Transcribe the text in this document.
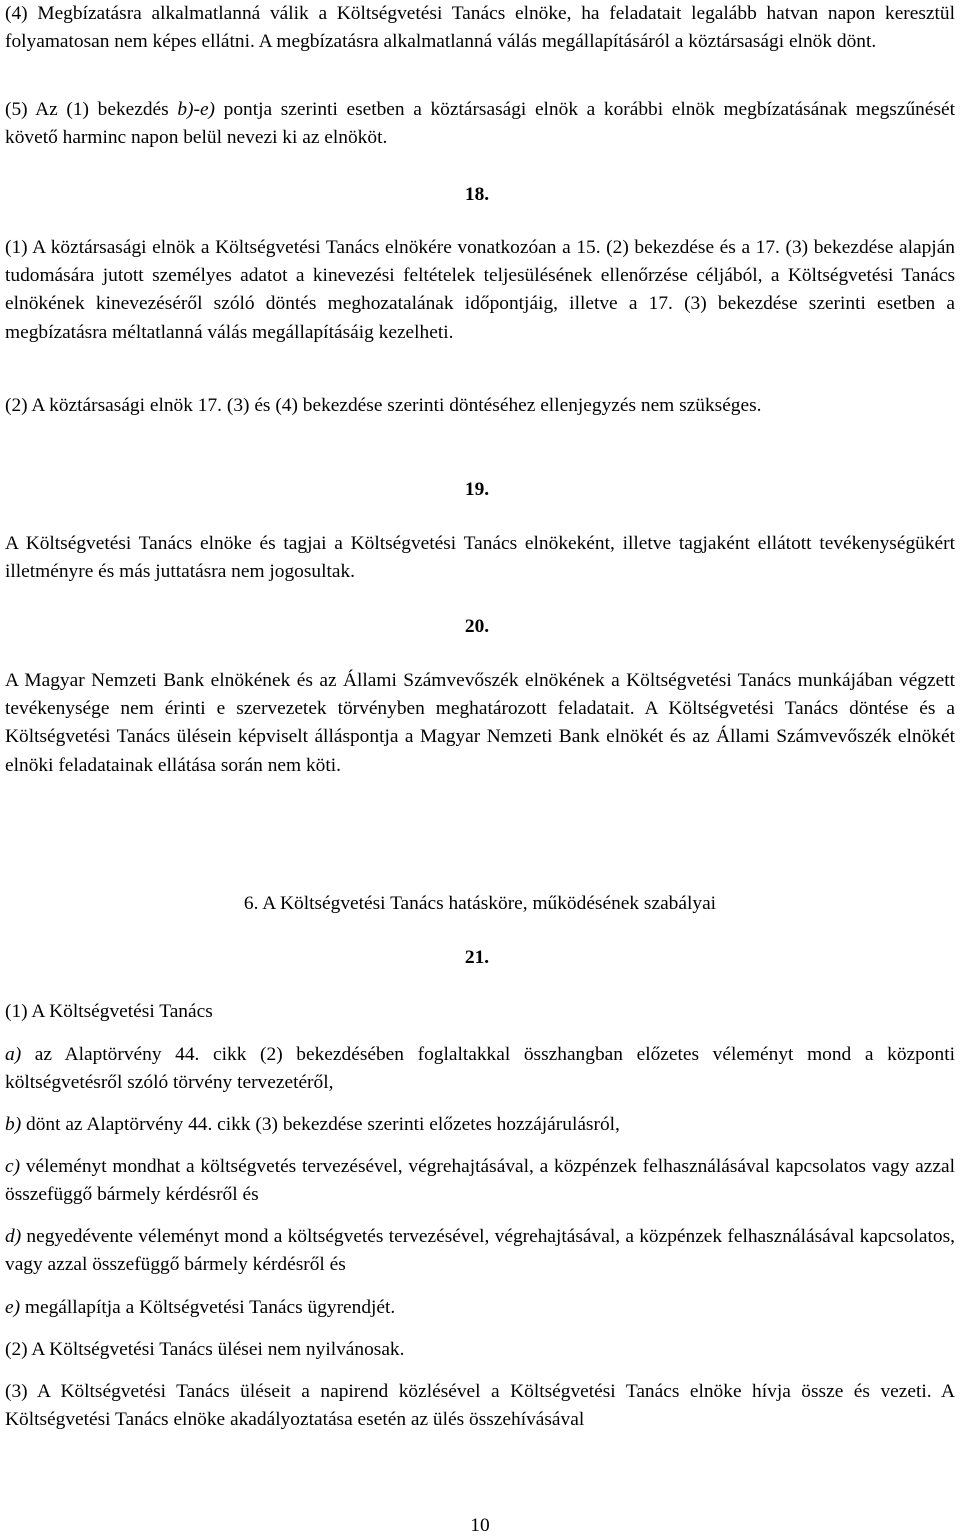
(4) Megbízatásra alkalmatlanná válik a Költségvetési Tanács elnöke, ha feladatait legalább hatvan napon keresztül folyamatosan nem képes ellátni. A megbízatásra alkalmatlanná válás megállapításáról a köztársasági elnök dönt.

(5) Az (1) bekezdés b)-e) pontja szerinti esetben a köztársasági elnök a korábbi elnök megbízatásának megszűnését követő harminc napon belül nevezi ki az elnököt.

18.

(1) A köztársasági elnök a Költségvetési Tanács elnökére vonatkozóan a 15. (2) bekezdése és a 17. (3) bekezdése alapján tudomására jutott személyes adatot a kinevezési feltételek teljesülésének ellenőrzése céljából, a Költségvetési Tanács elnökének kinevezéséről szóló döntés meghozatalának időpontjáig, illetve a 17. (3) bekezdése szerinti esetben a megbízatásra méltatlanná válás megállapításáig kezelheti.

(2) A köztársasági elnök 17. (3) és (4) bekezdése szerinti döntéséhez ellenjegyzés nem szükséges.

19.

A Költségvetési Tanács elnöke és tagjai a Költségvetési Tanács elnökeként, illetve tagjaként ellátott tevékenységükért illetményre és más juttatásra nem jogosultak.

20.

A Magyar Nemzeti Bank elnökének és az Állami Számvevőszék elnökének a Költségvetési Tanács munkájában végzett tevékenysége nem érinti e szervezetek törvényben meghatározott feladatait. A Költségvetési Tanács döntése és a Költségvetési Tanács ülésein képviselt álláspontja a Magyar Nemzeti Bank elnökét és az Állami Számvevőszék elnökét elnöki feladatainak ellátása során nem köti.

6. A Költségvetési Tanács hatásköre, működésének szabályai

21.

(1) A Költségvetési Tanács

a) az Alaptörvény 44. cikk (2) bekezdésében foglaltakkal összhangban előzetes véleményt mond a központi költségvetésről szóló törvény tervezetéről,

b) dönt az Alaptörvény 44. cikk (3) bekezdése szerinti előzetes hozzájárulásról,

c) véleményt mondhat a költségvetés tervezésével, végrehajtásával, a közpénzek felhasználásával kapcsolatos vagy azzal összefüggő bármely kérdésről és

d) negyedévente véleményt mond a költségvetés tervezésével, végrehajtásával, a közpénzek felhasználásával kapcsolatos, vagy azzal összefüggő bármely kérdésről és

e) megállapítja a Költségvetési Tanács ügyrendjét.

(2) A Költségvetési Tanács ülései nem nyilvánosak.

(3) A Költségvetési Tanács üléseit a napirend közlésével a Költségvetési Tanács elnöke hívja össze és vezeti. A Költségvetési Tanács elnöke akadályoztatása esetén az ülés összehívásával

10
